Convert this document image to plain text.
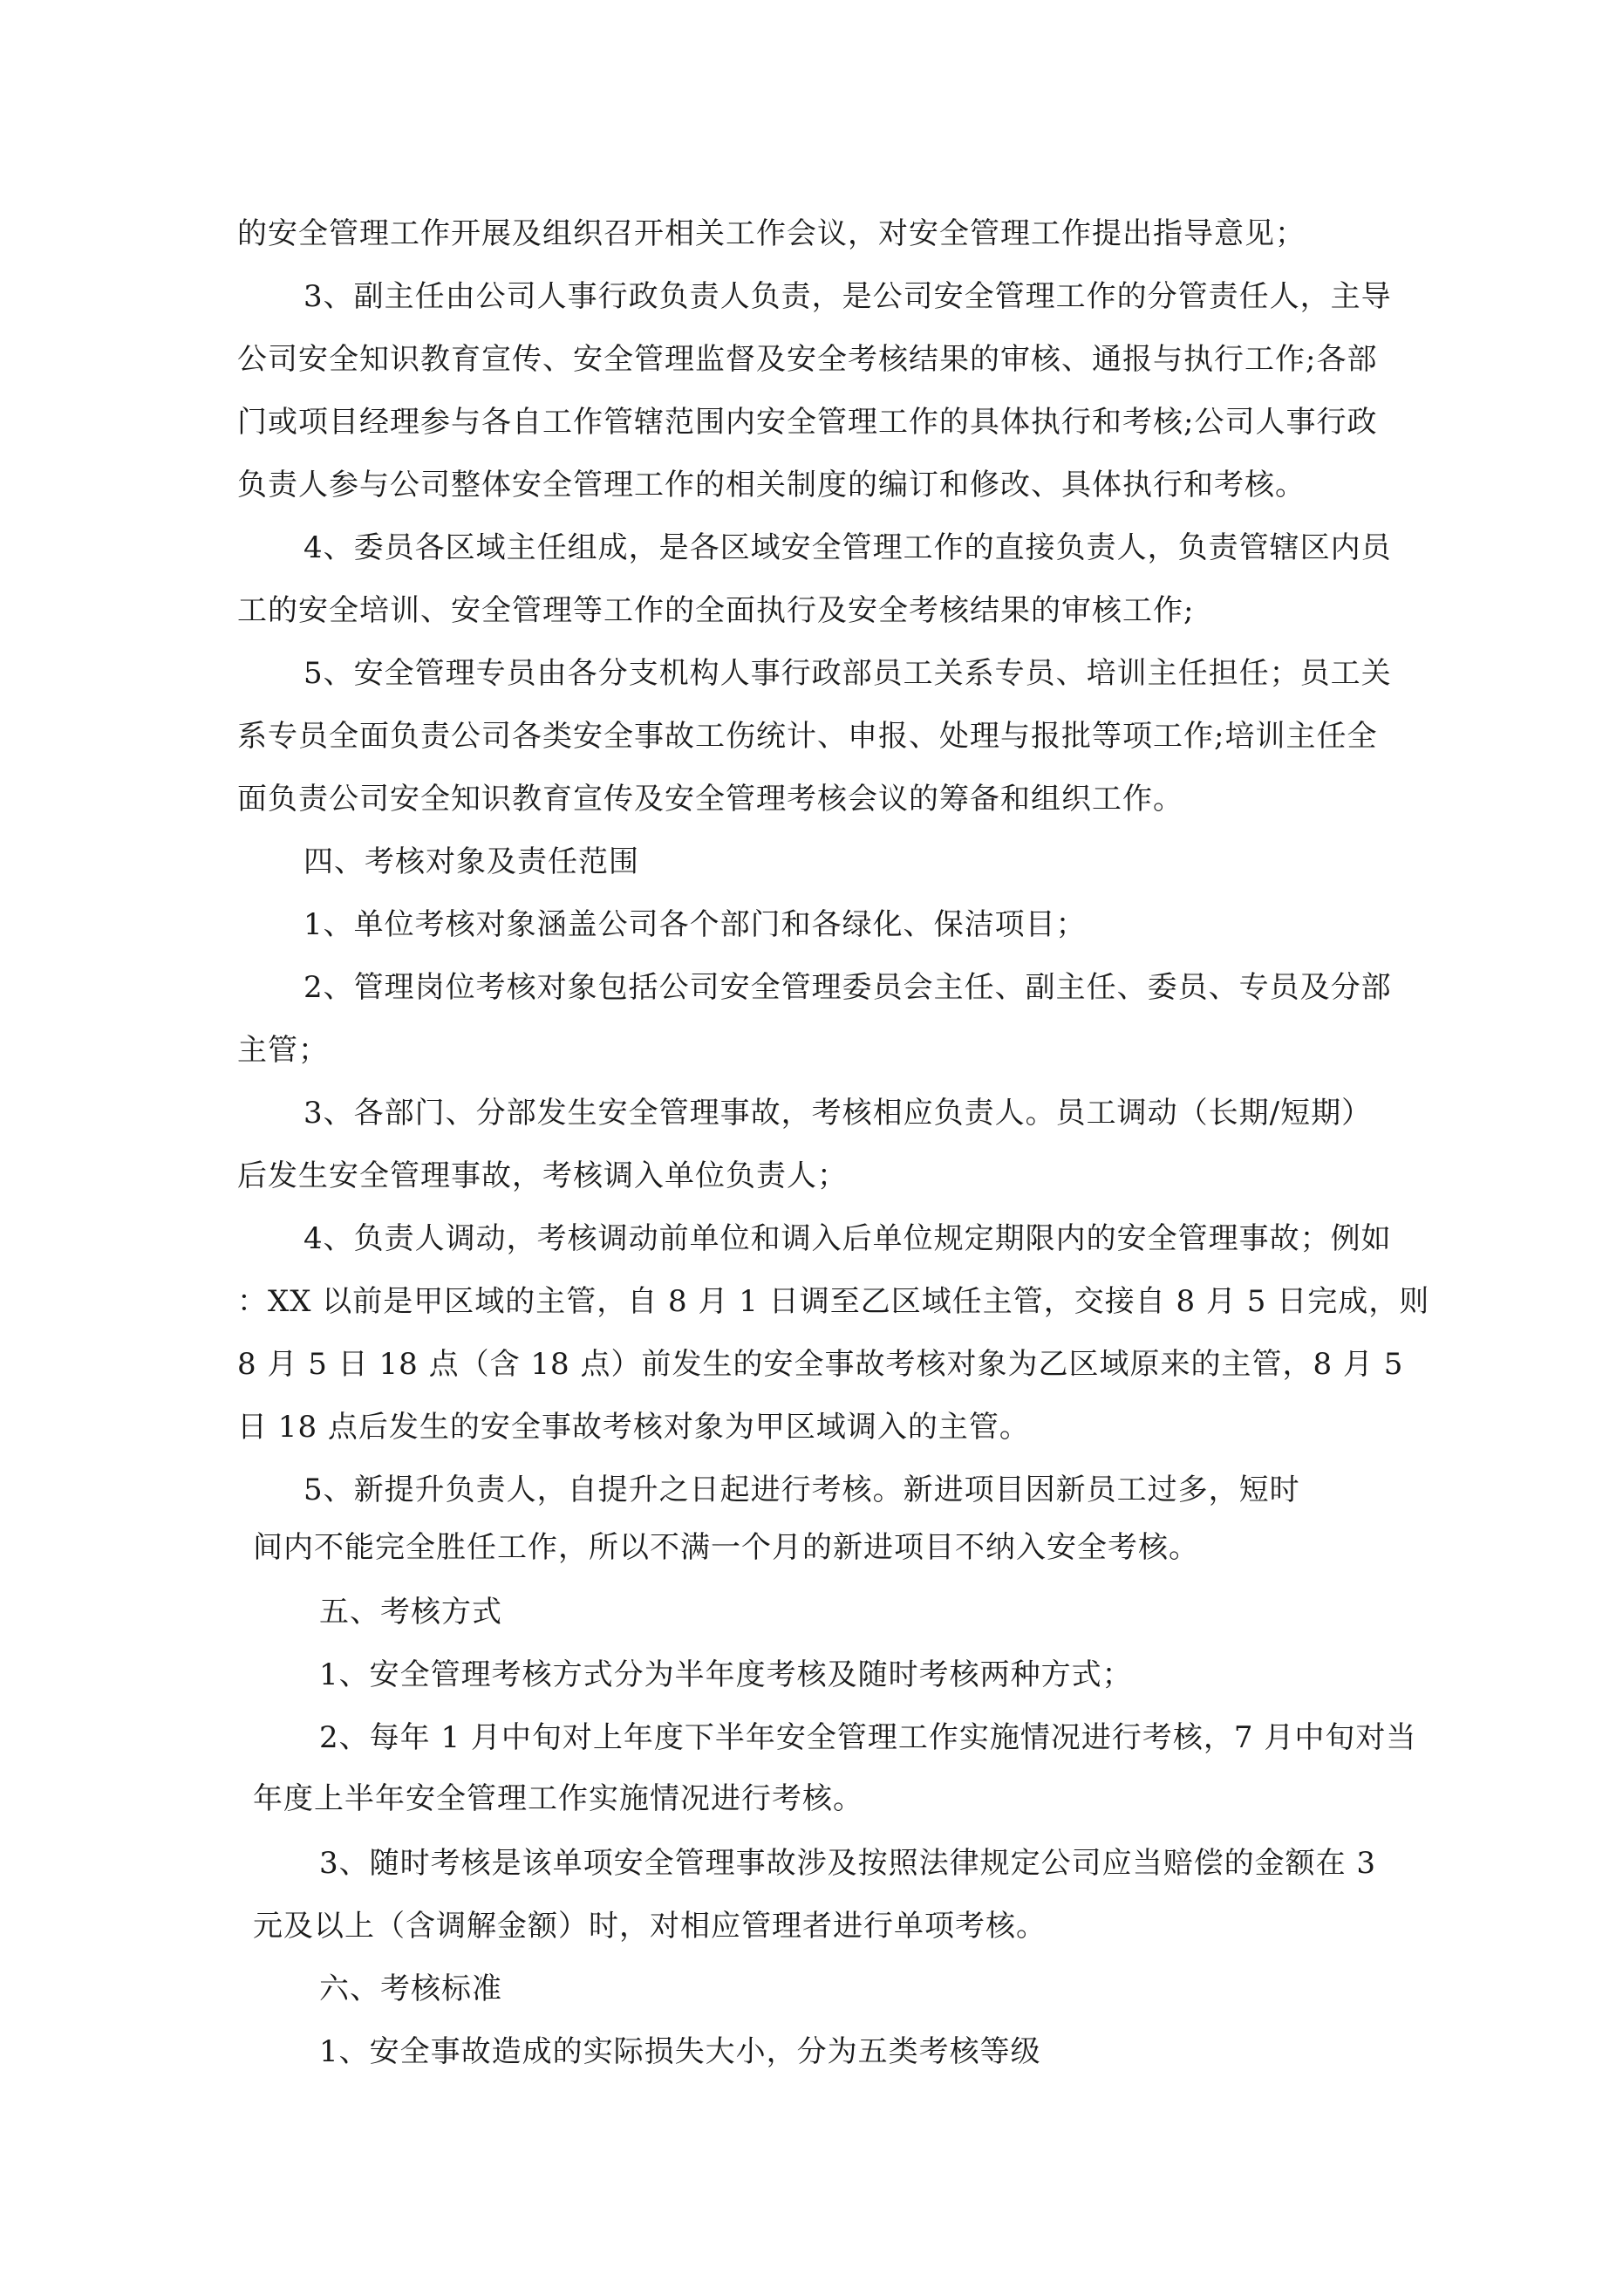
的安全管理工作开展及组织召开相关工作会议，对安全管理工作提出指导意见；
3、副主任由公司人事行政负责人负责，是公司安全管理工作的分管责任人，主导
公司安全知识教育宣传、安全管理监督及安全考核结果的审核、通报与执行工作;各部
门或项目经理参与各自工作管辖范围内安全管理工作的具体执行和考核;公司人事行政
负责人参与公司整体安全管理工作的相关制度的编订和修改、具体执行和考核。
4、委员各区域主任组成，是各区域安全管理工作的直接负责人，负责管辖区内员
工的安全培训、安全管理等工作的全面执行及安全考核结果的审核工作;
5、安全管理专员由各分支机构人事行政部员工关系专员、培训主任担任；员工关
系专员全面负责公司各类安全事故工伤统计、申报、处理与报批等项工作;培训主任全
面负责公司安全知识教育宣传及安全管理考核会议的筹备和组织工作。
四、考核对象及责任范围
1、单位考核对象涵盖公司各个部门和各绿化、保洁项目；
2、管理岗位考核对象包括公司安全管理委员会主任、副主任、委员、专员及分部
主管；
3、各部门、分部发生安全管理事故，考核相应负责人。员工调动（长期/短期）
后发生安全管理事故，考核调入单位负责人；
4、负责人调动，考核调动前单位和调入后单位规定期限内的安全管理事故；例如
：XX 以前是甲区域的主管，自 8 月 1 日调至乙区域任主管，交接自 8 月 5 日完成，则
8 月 5 日 18 点（含 18 点）前发生的安全事故考核对象为乙区域原来的主管，8 月 5
日 18 点后发生的安全事故考核对象为甲区域调入的主管。
5、新提升负责人，自提升之日起进行考核。新进项目因新员工过多，短时
间内不能完全胜任工作，所以不满一个月的新进项目不纳入安全考核。
五、考核方式
1、安全管理考核方式分为半年度考核及随时考核两种方式；
2、每年 1 月中旬对上年度下半年安全管理工作实施情况进行考核，7 月中旬对当
年度上半年安全管理工作实施情况进行考核。
3、随时考核是该单项安全管理事故涉及按照法律规定公司应当赔偿的金额在 3
元及以上（含调解金额）时，对相应管理者进行单项考核。
六、考核标准
1、安全事故造成的实际损失大小，分为五类考核等级
